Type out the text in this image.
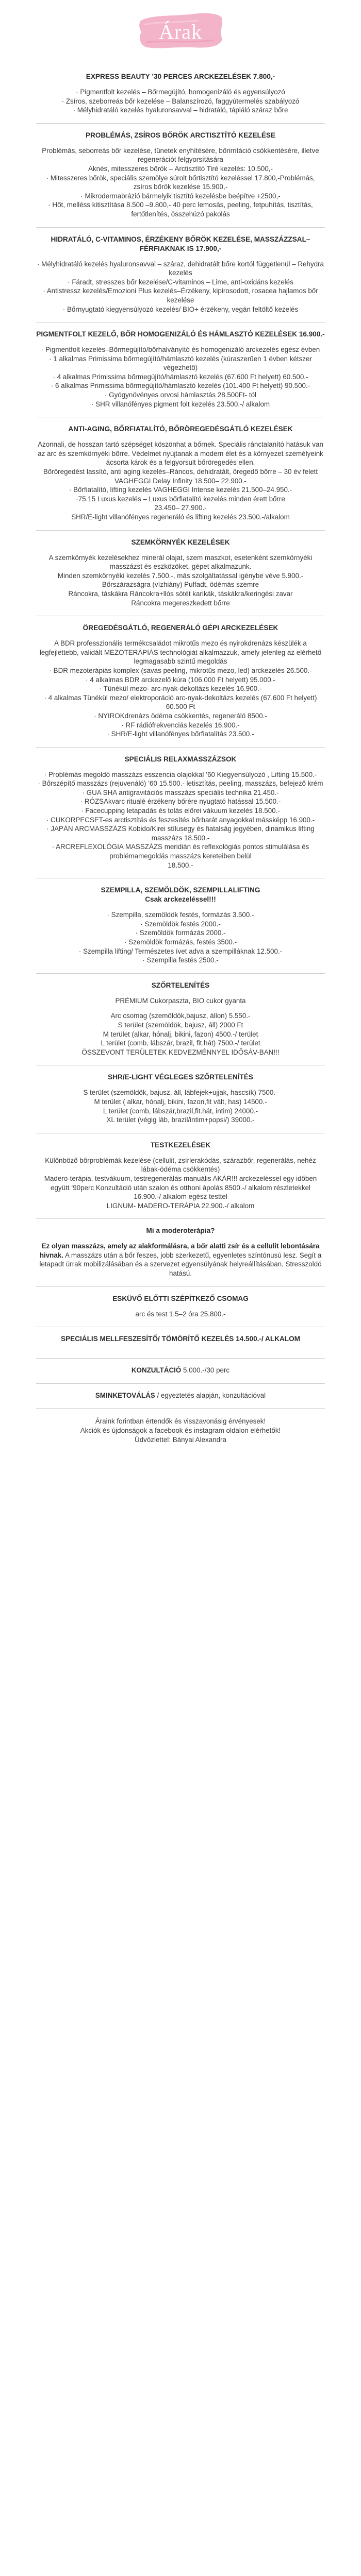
Árak
EXPRESS BEAUTY ’30 PERCES ARCKEZELÉSEK 7.800,-

· Pigmentfolt kezelés – Bőrmegújító, homogenizáló és egyensúlyozó
· Zsíros, szeborreás bőr kezelése – Balanszírozó, faggyútermelés szabályozó
· Mélyhidratáló kezelés hyaluronsavval – hidratáló, tápláló száraz bőre

PROBLÉMÁS, ZSÍROS BŐRÖK ARCTISZTÍTÓ KEZELÉSE

Problémás, seborreás bőr kezelése, tünetek enyhítésére, bőrirritáció csökkentésére, illetve regenerációt felgyorsítására
Aknés, mitesszeres bőrök – Arctisztító Tiré kezelés: 10.500,-
· Mitesszeres bőrök, speciális szemölye súrolt bőrtisztító kezeléssel 17.800,-Problémás, zsíros bőrök kezelése 15.900,-
· Mikrodermabrázió bármelyik tisztító kezelésbe beépítve +2500,-
· Hőt, melléss kitisztítása 8.500 –9.800,- 40 perc lemosás, peeling, fetpuhítás, tisztítás, fertőtlenítés, összehúzó pakolás

HIDRATÁLÓ, C-VITAMINOS, ÉRZÉKENY BŐRÖK KEZELÉSE, MASSZÁZZSAL–FÉRFIAKNAK IS 17.900,-

· Mélyhidratáló kezelés hyaluronsavval – száraz, dehidratált bőre kortól függetlenül – Rehydra kezelés
· Fáradt, stresszes bőr kezelése/C-vitaminos – Lime, anti-oxidáns kezelés
· Antistressz kezelés/Emozioni Plus kezelés–Érzékeny, kipirosodott, rosacea hajlamos bőr kezelése
· Bőrnyugtató kiegyensúlyozó kezelés/ BIO+ érzékeny, vegán feltöltő kezelés

PIGMENTFOLT KEZELŐ, BŐR HOMOGENIZÁLÓ ÉS HÁMLASZTÓ KEZELÉSEK 16.900.-

· Pigmentfolt kezelés–Bőrmegújító/bőrhalványító és homogenizáló arckezelés egész évben
· 1 alkalmas Primissima bőrmegújító/hámlasztó kezelés (kúraszerűen 1 évben kétszer végezhető)
· 4 alkalmas Primissima bőrmegújító/hámlasztó kezelés (67.600 Ft helyett) 60.500.-
· 6 alkalmas Primissima bőrmegújító/hámlasztó kezelés (101.400 Ft helyett) 90.500.-
· Gyógynövényes orvosi hámlasztás 28.500Ft- tól
· SHR villanófényes pigment folt kezelés 23.500.-/ alkalom

ANTI-AGING, BŐRFIATALÍTÓ, BŐRÖREGEDÉSGÁTLÓ KEZELÉSEK

Azonnali, de hosszan tartó szépséget köszönhat a bőrnek. Speciális ránctalanító hatásuk van az arc és szemkörnyéki bőrre. Védelmet nyújtanak a modern élet és a környezet személyeink ácsorta károk és a felgyorsult bőröregedés ellen.
Bőröregedést lassító, anti aging kezelés–Ráncos, dehidratált, öregedő bőrre – 30 év felett VAGHEGGI Delay Infinity 18.500– 22.900.-
· Bőrfiatalító, lifting kezelés VAGHEGGI Intense kezelés 21.500–24.950.-
·75.15 Luxus kezelés – Luxus bőrfiatalító kezelés minden érett bőrre
23.450– 27.900.-
SHR/E-light villanófényes regeneráló és lifting kezelés 23.500.-/alkalom

SZEMKÖRNYÉK KEZELÉSEK

A szemkörnyék kezelésekhez minerál olajat, szem maszkot, esetenként szemkörnyéki masszázst és eszközöket, gépet alkalmazunk.
Minden szemkörnyéki kezelés 7.500.-, más szolgáltatással igénybe véve 5.900.-
Bőrszárazságra (vízhiány) Puffadt, ödémás szemre
Ráncokra, táskákra Ráncokra+llós sötét karikák, táskákra/keringési zavar
Ráncokra megereszkedett bőrre

ÖREGEDÉSGÁTLÓ, REGENERÁLÓ GÉPI ARCKEZELÉSEK

A BDR professzionális termékcsaládot mikrotűs mezo és nyirokdrenázs készülék a legfejlettebb, validált MEZOTERÁPIÁS technológiát alkalmazzuk, amely jelenleg az elérhető legmagasabb szintű megoldás
· BDR mezoterápiás komplex (savas peeling, mikrotűs mezo, led) arckezelés 26.500.-
· 4 alkalmas BDR arckezelő kúra (106.000 Ft helyett) 95.000.-
· Tünékül mezo- arc-nyak-dekoltázs kezelés 16.900.-
· 4 alkalmas Tünékül mezo/ elektroporáció arc-nyak-dekoltázs kezelés (67.600 Ft helyett) 60.500 Ft
· NYIROKdrenázs ödéma csökkentés, regeneráló 8500.-
· RF rádiófrekvenciás kezelés 16.900.-
· SHR/E-light villanófényes bőrfiatalítás 23.500.-

SPECIÁLIS RELAXMASSZÁZSOK

· Problémás megoldó masszázs esszencia olajokkal ’60 Kiegyensúlyozó , Lifting 15.500.-
· Bőrszépítő masszázs (rejuvenáló) ’60 15.500.- letisztítás, peeling, masszázs, befejező krém
· GUA SHA antigravitációs masszázs speciális technika 21.450.-
· RÓZSAkvarc ritualé érzékeny bőrére nyugtató hatással 15.500.-
· Facecupping letapadás és tolás előrei vákuum kezelés 18.500.-
· CUKORPECSET-es arctisztítás és feszesítés bőrbarát anyagokkal mássképp 16.900.-
· JAPÁN ARCMASSZÁZS Kobido/Kirei stílusegy és fiatalság jegyében, dinamikus lifting masszázs 18.500.-
· ARCREFLEXOLÓGIA MASSZÁZS meridián és reflexológiás pontos stimulálása és problémamegoldás masszázs kereteiben belül
18.500.-

SZEMPILLA, SZEMÖLDÖK, SZEMPILLALIFTING
Csak arckezeléssel!!!

· Szempilla, szemöldök festés, formázás 3.500.-
· Szemöldök festés 2000.-
· Szemöldök formázás 2000.-
· Szemöldök formázás, festés 3500.-
· Szempilla lifting/ Természetes ívet adva a szempilláknak 12.500.-
· Szempilla festés 2500.-

SZŐRTELENÍTÉS

PRÉMIUM Cukorpaszta, BIO cukor gyanta

Arc csomag (szemöldök,bajusz, állon) 5.550.-
S terület (szemöldök, bajusz, áll) 2000 Ft
M terület (alkar, hónalj, bikini, fazon) 4500.-/ terület
L terület (comb, lábszár, brazil, fit.hát) 7500.-/ terület
ÖSSZEVONT TERÜLETEK KEDVEZMÉNNYEL IDŐSÁV-BAN!!!

SHR/E-LIGHT VÉGLEGES SZŐRTELENÍTÉS

S terület (szemöldök, bajusz, áll, lábfejek+ujjak, hascsík) 7500.-
M terület ( alkar, hónalj, bikini, fazon,fit vált, has) 14500.-
L terület (comb, lábszár,brazil,fit.hát, intim) 24000.-
XL terület (végig láb, brazil/intim+popsi/) 39000.-

TESTKEZELÉSEK

Különböző bőrproblémák kezelése (cellulit, zsírlerakódás, szárazbőr, regenerálás, nehéz lábak-ödéma csökkentés)
Madero-terápia, testvákuum, testregenerálás manuális AKÁR!!! arckezeléssel egy időben együtt ’90perc Konzultáció után szalon és otthoni ápolás 8500.-/ alkalom részletekkel
16.900.-/ alkalom egész testtel
LIGNUM- MADERO-TERÁPIA 22.900.-/ alkalom

Mi a moderoterápia?

Ez olyan masszázs, amely az alakformálásra, a bőr alatti zsír és a cellulit lebontására hivnak. A masszázs után a bőr feszes, jobb szerkezetű, egyenletes színtónusú lesz. Segít a letapadt ürrak mobilizálásában és a szervezet egyensúlyának helyreállításában, Stresszoldó hatású.

ESKÜVŐ ELŐTTI SZÉPÍTKEZŐ CSOMAG

arc és test 1.5–2 óra 25.800.-

SPECIÁLIS MELLFESZESÍTŐ/ TÖMÖRÍTŐ KEZELÉS 14.500.-/ ALKALOM
KONZULTÁCIÓ 5.000.-/30 perc
SMINKETOVÁLÁS / egyeztetés alapján, konzultációval

Áraink forintban értendők és visszavonásig érvényesek!
Akciók és újdonságok a facebook és instagram oldalon elérhetők!
Üdvözlettel: Bányai Alexandra
